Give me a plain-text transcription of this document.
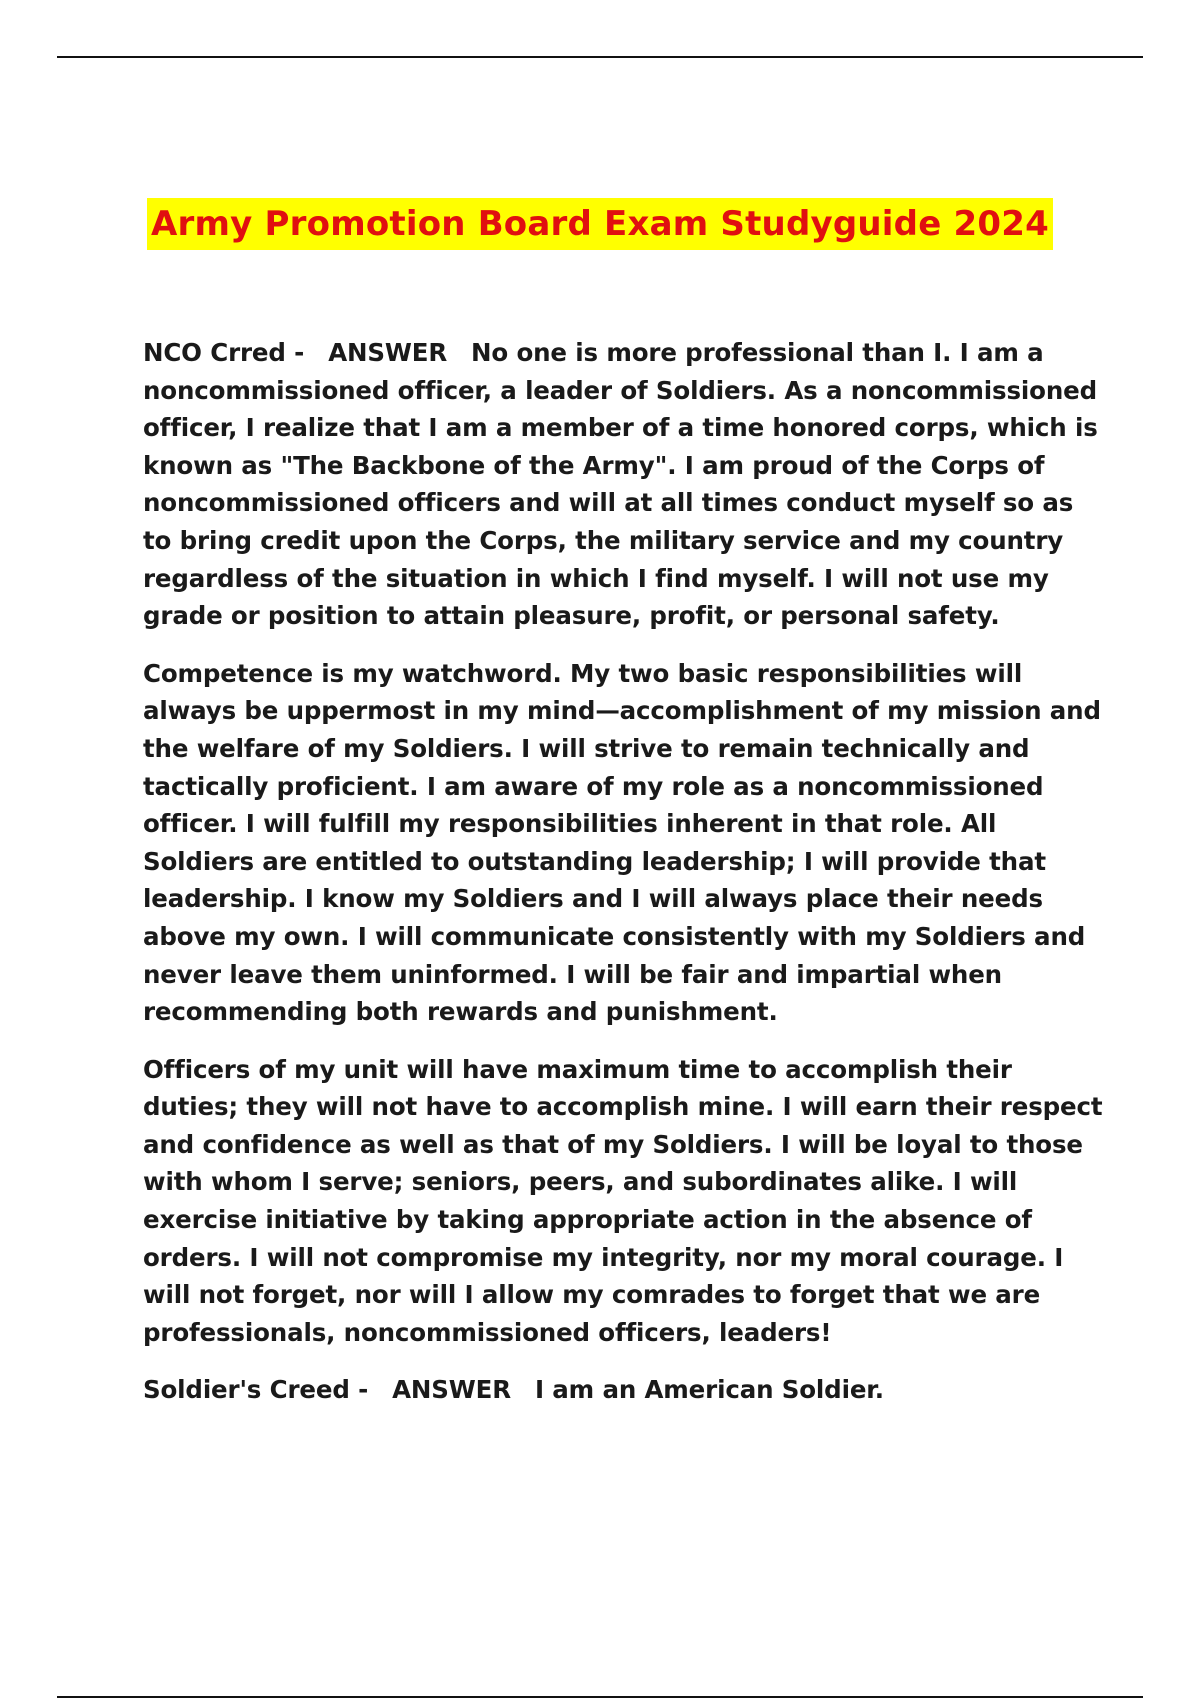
Army Promotion Board Exam Studyguide 2024

NCO Crred - ANSWER No one is more professional than I. I am a noncommissioned officer, a leader of Soldiers. As a noncommissioned officer, I realize that I am a member of a time honored corps, which is known as "The Backbone of the Army". I am proud of the Corps of noncommissioned officers and will at all times conduct myself so as to bring credit upon the Corps, the military service and my country regardless of the situation in which I find myself. I will not use my grade or position to attain pleasure, profit, or personal safety.

Competence is my watchword. My two basic responsibilities will always be uppermost in my mind—accomplishment of my mission and the welfare of my Soldiers. I will strive to remain technically and tactically proficient. I am aware of my role as a noncommissioned officer. I will fulfill my responsibilities inherent in that role. All Soldiers are entitled to outstanding leadership; I will provide that leadership. I know my Soldiers and I will always place their needs above my own. I will communicate consistently with my Soldiers and never leave them uninformed. I will be fair and impartial when recommending both rewards and punishment.

Officers of my unit will have maximum time to accomplish their duties; they will not have to accomplish mine. I will earn their respect and confidence as well as that of my Soldiers. I will be loyal to those with whom I serve; seniors, peers, and subordinates alike. I will exercise initiative by taking appropriate action in the absence of orders. I will not compromise my integrity, nor my moral courage. I will not forget, nor will I allow my comrades to forget that we are professionals, noncommissioned officers, leaders!

Soldier's Creed - ANSWER I am an American Soldier.
